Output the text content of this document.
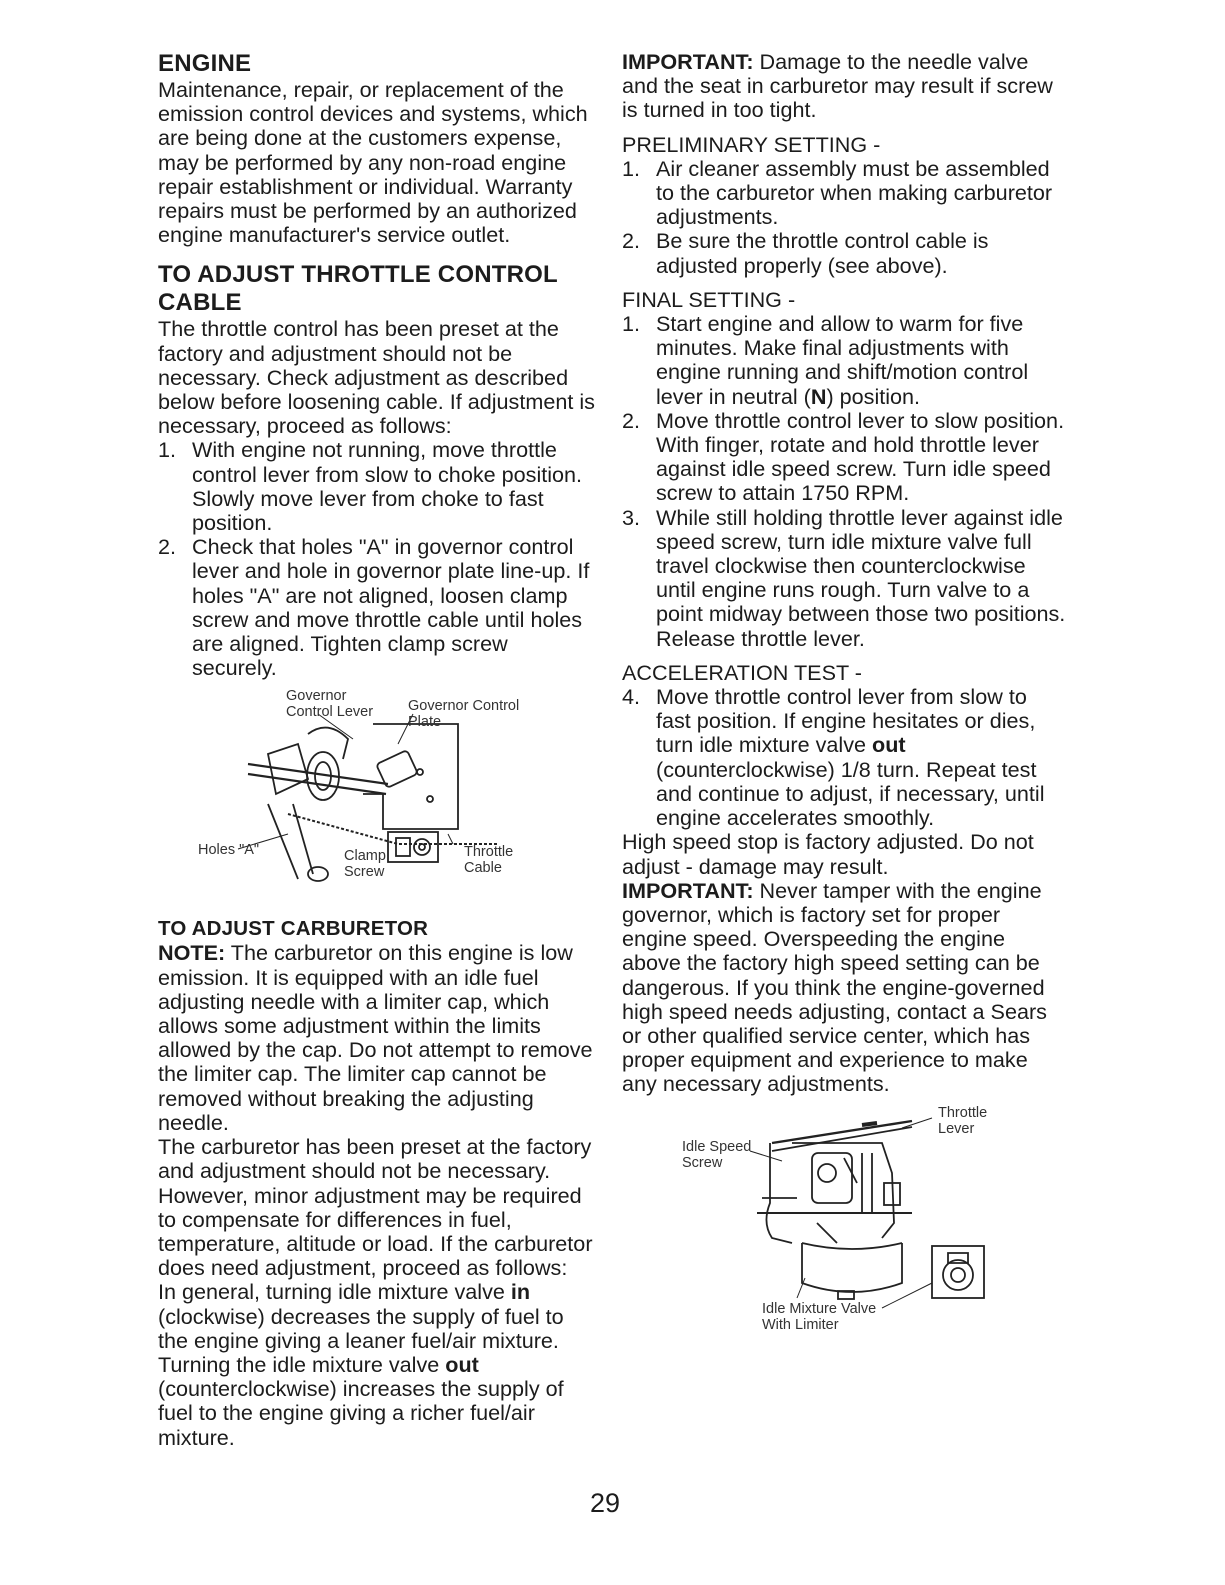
ENGINE

Maintenance, repair, or replacement of the emission control devices and systems, which are being done at the customers expense, may be performed by any non-road engine repair establishment or individual. Warranty repairs must be performed by an authorized engine manufacturer's service outlet.

TO ADJUST THROTTLE CONTROL CABLE

The throttle control has been preset at the factory and adjustment should not be necessary. Check adjustment as described below before loosening cable. If adjustment is necessary, proceed as follows:

1. With engine not running, move throttle control lever from slow to choke position. Slowly move lever from choke to fast position.
2. Check that holes "A" in governor control lever and hole in governor plate line-up. If holes "A" are not aligned, loosen clamp screw and move throttle cable until holes are aligned. Tighten clamp screw securely.
Governor Control Lever Governor Control Plate
Holes "A"	Clamp Screw
Throttle Cable
TO ADJUST CARBURETOR

NOTE: The carburetor on this engine is low emission. It is equipped with an idle fuel adjusting needle with a limiter cap, which allows some adjustment within the limits allowed by the cap. Do not attempt to remove the limiter cap. The limiter cap cannot be removed without breaking the adjusting needle.

The carburetor has been preset at the factory and adjustment should not be necessary. However, minor adjustment may be required to compensate for differences in fuel, temperature, altitude or load. If the carburetor does need adjustment, proceed as follows:

In general, turning idle mixture valve in (clockwise) decreases the supply of fuel to the engine giving a leaner fuel/air mixture. Turning the idle mixture valve out (counterclockwise) increases the supply of fuel to the engine giving a richer fuel/air mixture.

IMPORTANT: Damage to the needle valve and the seat in carburetor may result if screw is turned in too tight.

PRELIMINARY SETTING -

1. Air cleaner assembly must be assembled to the carburetor when making carburetor adjustments.
2. Be sure the throttle control cable is adjusted properly (see above).

FINAL SETTING -

1. Start engine and allow to warm for five minutes. Make final adjustments with engine running and shift/motion control lever in neutral (N) position.
2. Move throttle control lever to slow position. With finger, rotate and hold throttle lever against idle speed screw. Turn idle speed screw to attain 1750 RPM.
3. While still holding throttle lever against idle speed screw, turn idle mixture valve full travel clockwise then counterclockwise until engine runs rough. Turn valve to a point midway between those two positions. Release throttle lever.

ACCELERATION TEST -

4. Move throttle control lever from slow to fast position. If engine hesitates or dies, turn idle mixture valve out (counterclockwise) 1/8 turn. Repeat test and continue to adjust, if necessary, until engine accelerates smoothly.

High speed stop is factory adjusted. Do not adjust - damage may result.

IMPORTANT: Never tamper with the engine governor, which is factory set for proper engine speed. Overspeeding the engine above the factory high speed setting can be dangerous. If you think the engine-governed high speed needs adjusting, contact a Sears or other qualified service center, which has proper equipment and experience to make any necessary adjustments.

Throttle Lever
Idle Speed Screw
Idle Mixture Valve With Limiter
29
